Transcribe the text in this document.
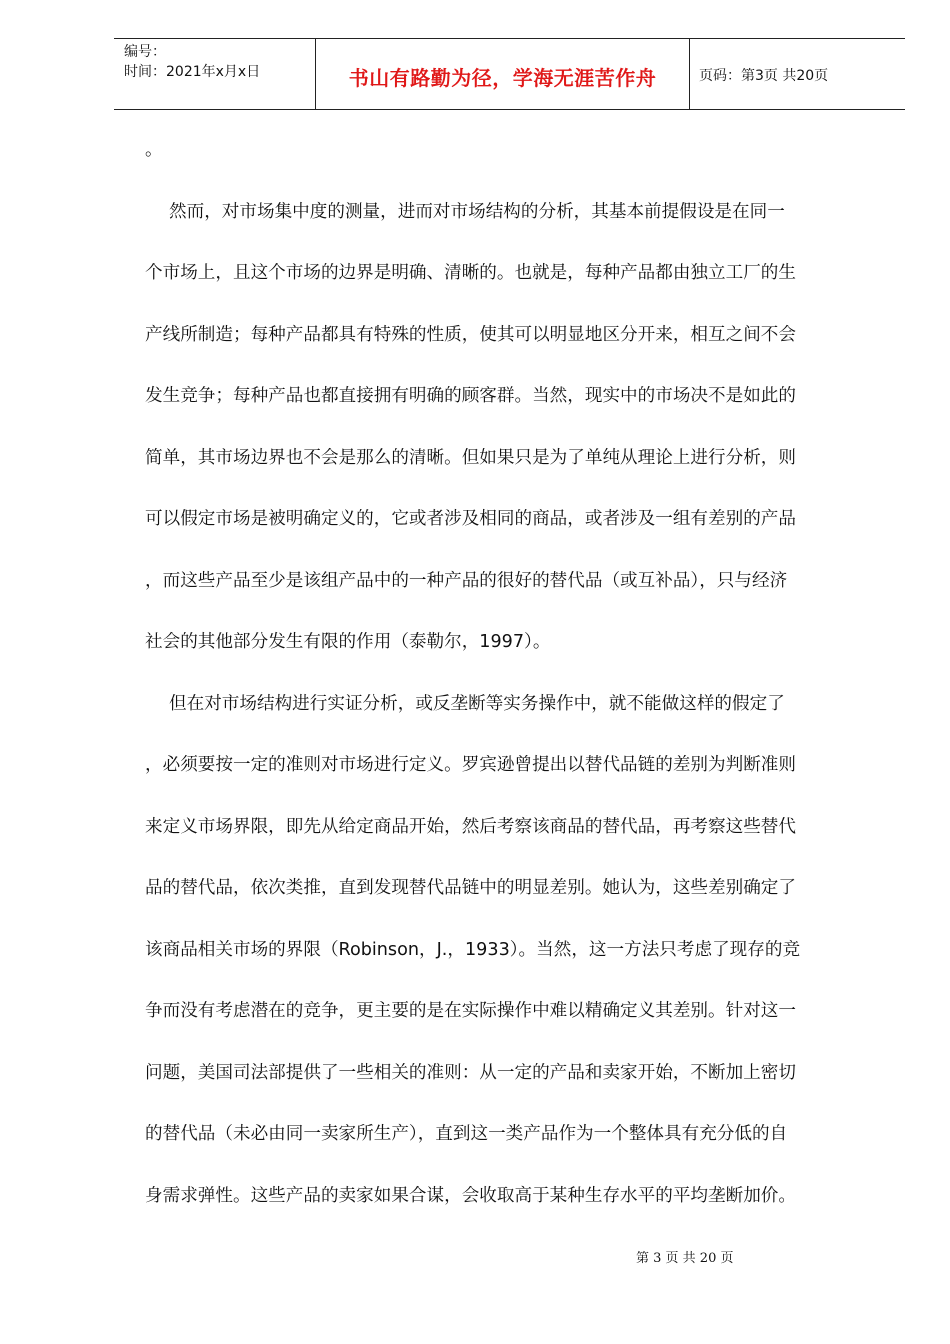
编号：
时间：2021年x月x日	书山有路勤为径，学海无涯苦作舟	页码：第3页 共20页
。
然而，对市场集中度的测量，进而对市场结构的分析，其基本前提假设是在同一
个市场上，且这个市场的边界是明确、清晰的。也就是，每种产品都由独立工厂的生
产线所制造；每种产品都具有特殊的性质，使其可以明显地区分开来，相互之间不会
发生竞争；每种产品也都直接拥有明确的顾客群。当然，现实中的市场决不是如此的
简单，其市场边界也不会是那么的清晰。但如果只是为了单纯从理论上进行分析，则
可以假定市场是被明确定义的，它或者涉及相同的商品，或者涉及一组有差别的产品
，而这些产品至少是该组产品中的一种产品的很好的替代品（或互补品），只与经济
社会的其他部分发生有限的作用（泰勒尔，1997）。
但在对市场结构进行实证分析，或反垄断等实务操作中，就不能做这样的假定了
，必须要按一定的准则对市场进行定义。罗宾逊曾提出以替代品链的差别为判断准则
来定义市场界限，即先从给定商品开始，然后考察该商品的替代品，再考察这些替代
品的替代品，依次类推，直到发现替代品链中的明显差别。她认为，这些差别确定了
该商品相关市场的界限（Robinson，J.，1933）。当然，这一方法只考虑了现存的竞
争而没有考虑潜在的竞争，更主要的是在实际操作中难以精确定义其差别。针对这一
问题，美国司法部提供了一些相关的准则：从一定的产品和卖家开始，不断加上密切
的替代品（未必由同一卖家所生产），直到这一类产品作为一个整体具有充分低的自
身需求弹性。这些产品的卖家如果合谋，会收取高于某种生存水平的平均垄断加价。
第 3 页 共 20 页
